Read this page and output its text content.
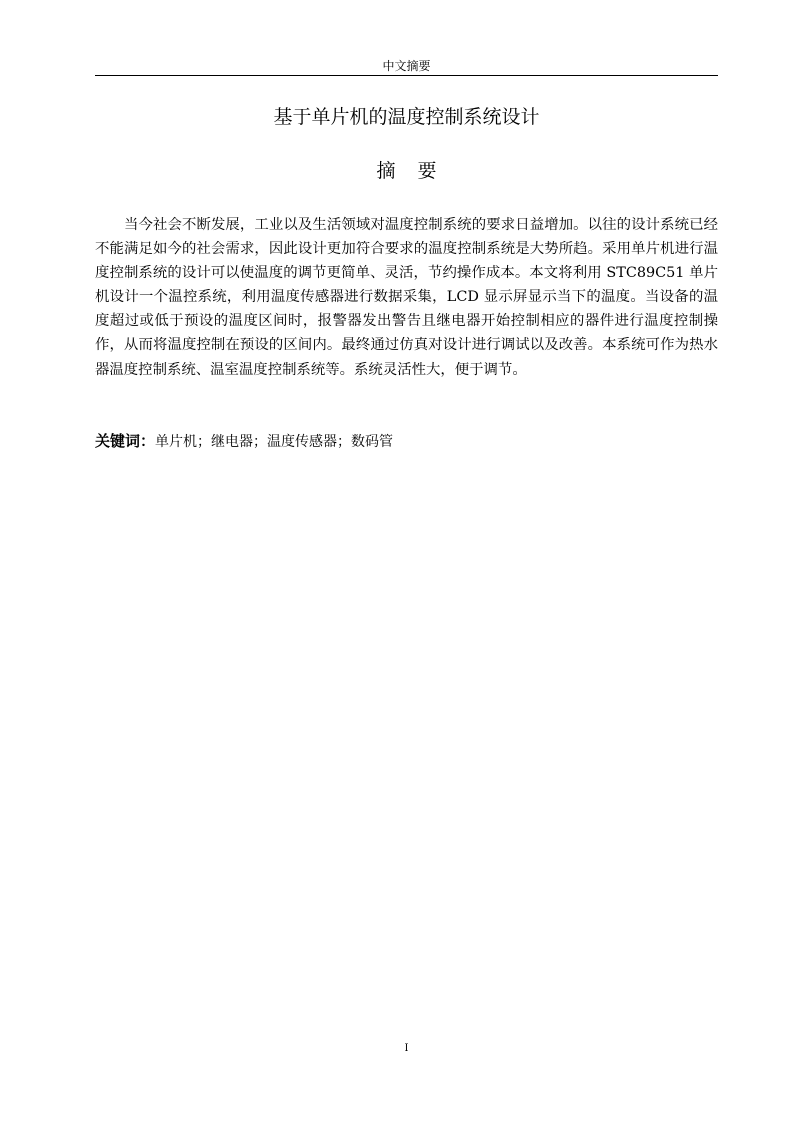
中文摘要
基于单片机的温度控制系统设计
摘要

当今社会不断发展，工业以及生活领域对温度控制系统的要求日益增加。以往的设计系统已经不能满足如今的社会需求，因此设计更加符合要求的温度控制系统是大势所趋。采用单片机进行温度控制系统的设计可以使温度的调节更简单、灵活，节约操作成本。本文将利用 STC89C51 单片机设计一个温控系统，利用温度传感器进行数据采集，LCD 显示屏显示当下的温度。当设备的温度超过或低于预设的温度区间时，报警器发出警告且继电器开始控制相应的器件进行温度控制操作，从而将温度控制在预设的区间内。最终通过仿真对设计进行调试以及改善。本系统可作为热水器温度控制系统、温室温度控制系统等。系统灵活性大，便于调节。

关键词：单片机；继电器；温度传感器；数码管
I
